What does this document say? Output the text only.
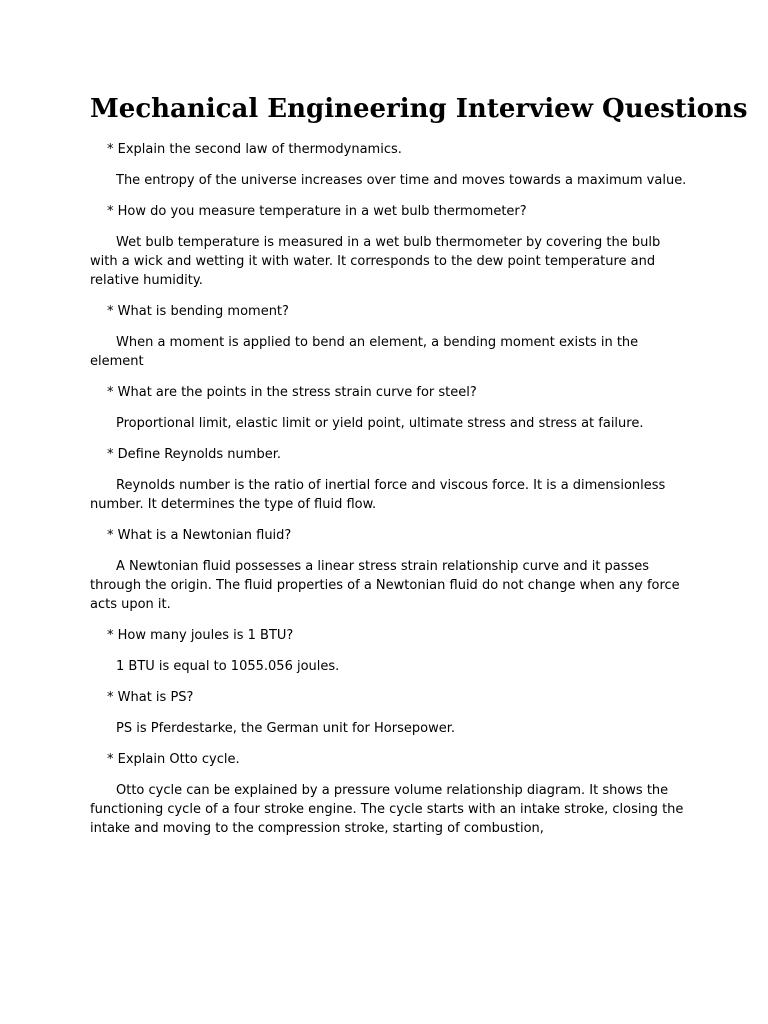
Mechanical Engineering Interview Questions

* Explain the second law of thermodynamics.

The entropy of the universe increases over time and moves towards a maximum value.

* How do you measure temperature in a wet bulb thermometer?

Wet bulb temperature is measured in a wet bulb thermometer by covering the bulb with a wick and wetting it with water. It corresponds to the dew point temperature and relative humidity.

* What is bending moment?

When a moment is applied to bend an element, a bending moment exists in the element

* What are the points in the stress strain curve for steel?

Proportional limit, elastic limit or yield point, ultimate stress and stress at failure.

* Define Reynolds number.

Reynolds number is the ratio of inertial force and viscous force. It is a dimensionless number. It determines the type of fluid flow.

* What is a Newtonian fluid?

A Newtonian fluid possesses a linear stress strain relationship curve and it passes through the origin. The fluid properties of a Newtonian fluid do not change when any force acts upon it.

* How many joules is 1 BTU?

1 BTU is equal to 1055.056 joules.

* What is PS?

PS is Pferdestarke, the German unit for Horsepower.

* Explain Otto cycle.

Otto cycle can be explained by a pressure volume relationship diagram. It shows the functioning cycle of a four stroke engine. The cycle starts with an intake stroke, closing the intake and moving to the compression stroke, starting of combustion,
